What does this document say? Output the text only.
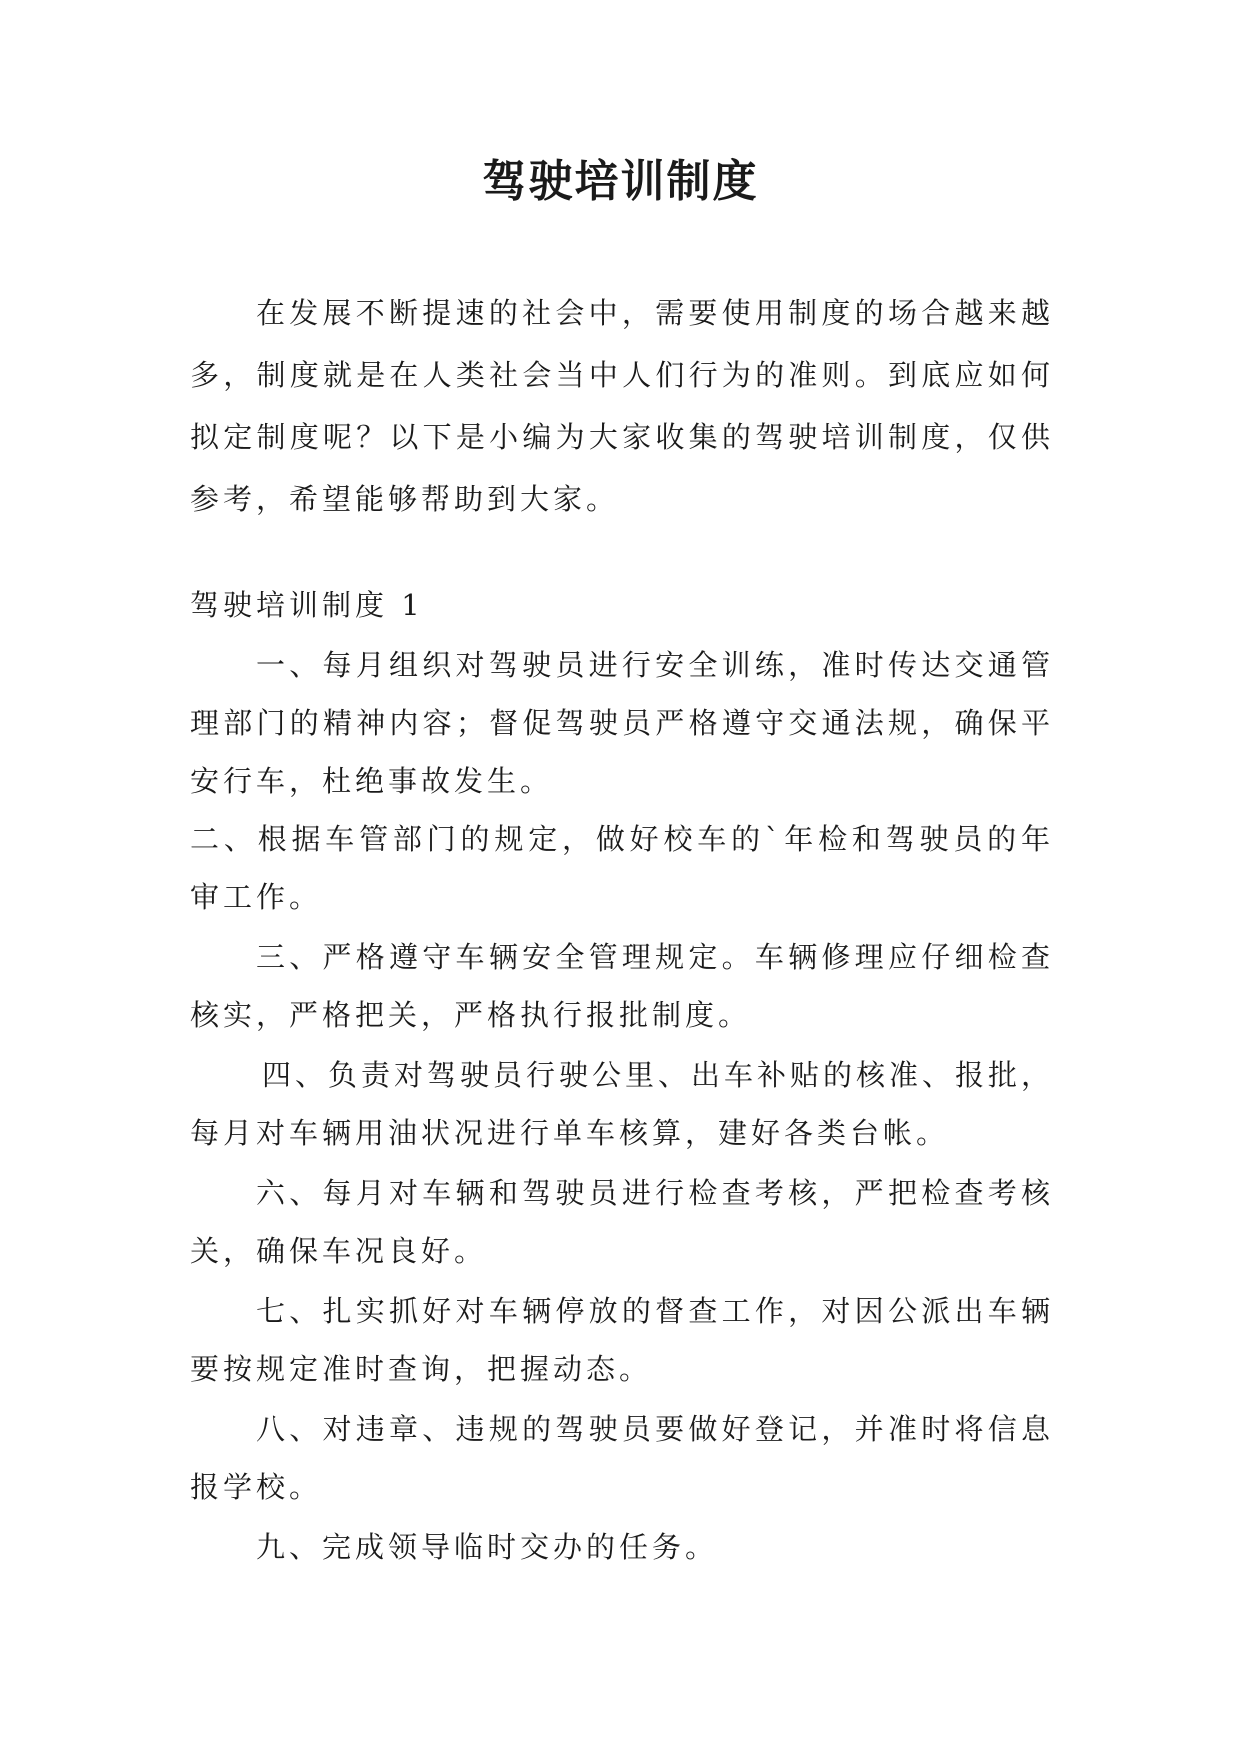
驾驶培训制度

在发展不断提速的社会中，需要使用制度的场合越来越多，制度就是在人类社会当中人们行为的准则。到底应如何拟定制度呢？以下是小编为大家收集的驾驶培训制度，仅供参考，希望能够帮助到大家。

驾驶培训制度 1

一、每月组织对驾驶员进行安全训练，准时传达交通管理部门的精神内容；督促驾驶员严格遵守交通法规，确保平安行车，杜绝事故发生。

二、根据车管部门的规定，做好校车的`年检和驾驶员的年审工作。

三、严格遵守车辆安全管理规定。车辆修理应仔细检查核实，严格把关，严格执行报批制度。

四、负责对驾驶员行驶公里、出车补贴的核准、报批，每月对车辆用油状况进行单车核算，建好各类台帐。

六、每月对车辆和驾驶员进行检查考核，严把检查考核关，确保车况良好。

七、扎实抓好对车辆停放的督查工作，对因公派出车辆要按规定准时查询，把握动态。

八、对违章、违规的驾驶员要做好登记，并准时将信息报学校。

九、完成领导临时交办的任务。
